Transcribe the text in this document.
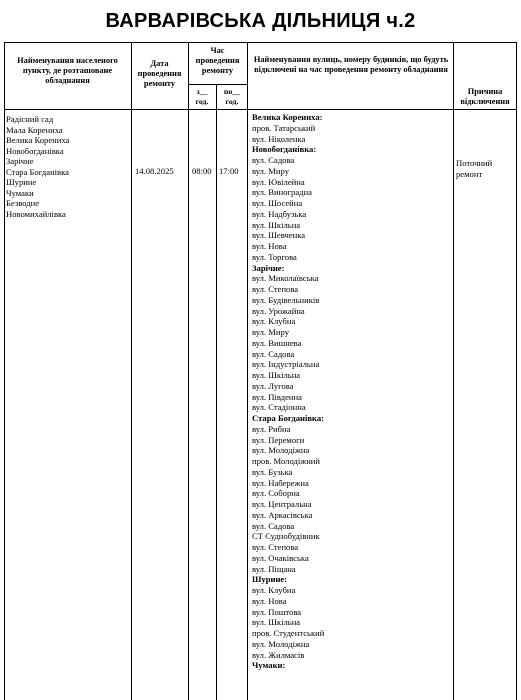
ВАРВАРІВСЬКА ДІЛЬНИЦЯ ч.2
Найменування населеного пункту, де розташоване обладнання
Дата проведення ремонту
Час проведення ремонту
з__ год.
по__ год.
Найменування вулиць, номеру будинків, що будуть відключені на час проведення ремонту обладнання
Причина відключення
Радісний сад
Мала Корениха
Велика Корениха
Новобогданівка
Зарічне
Стара Богданівка
Шурине
Чумаки
Безводне
Новомихайлівка
14.08.2025 08:00 17:00
Велика Корениха:
пров. Татарський
вул. Ніколенка
Новобогданівка:
вул. Садова
вул. Миру
вул. Ювілейна
вул. Виноградна
вул. Шосейна
вул. Надбузька
вул. Шкільна
вул. Шевченка
вул. Нова
вул. Торгова
Зарічне:
вул. Миколаївська
вул. Степова
вул. Будівельників
вул. Урожайна
вул. Клубна
вул. Миру
вул. Вишнева
вул. Садова
вул. Індустріальна
вул. Шкільна
вул. Лугова
вул. Південна
вул. Стадіонна
Стара Богданівка:
вул. Рибна
вул. Перемоги
вул. Молодіжна
пров. Молодіжний
вул. Бузька
вул. Набережна
вул. Соборна
вул. Центральна
вул. Аркасівська
вул. Садова
СТ Суднобудівник
вул. Степова
вул. Очаківська
вул. Піщана
Шурине:
вул. Клубна
вул. Нова
вул. Поштова
вул. Шкільна
пров. Студентський
вул. Молодіжна
вул. Жилмасів
Чумаки:
Поточний ремонт
